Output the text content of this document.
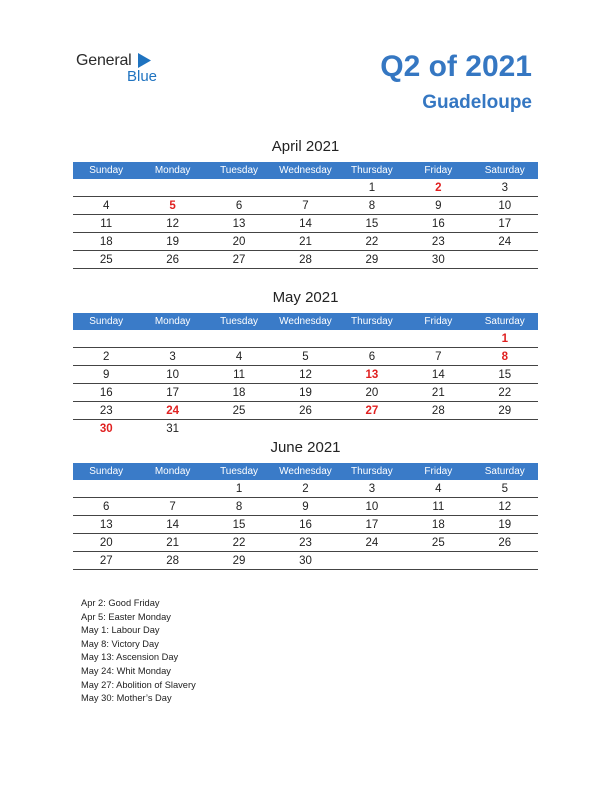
General
Blue	Q2 of 2021
Guadeloupe
April 2021
Sunday	Monday	Tuesday	Wednesday	Thursday	Friday	Saturday
				1	2	3
4	5	6	7	8	9	10
11	12	13	14	15	16	17
18	19	20	21	22	23	24
25	26	27	28	29	30	
May 2021
Sunday	Monday	Tuesday	Wednesday	Thursday	Friday	Saturday
						1
2	3	4	5	6	7	8
9	10	11	12	13	14	15
16	17	18	19	20	21	22
23	24	25	26	27	28	29
30	31					
June 2021
Sunday	Monday	Tuesday	Wednesday	Thursday	Friday	Saturday
		1	2	3	4	5
6	7	8	9	10	11	12
13	14	15	16	17	18	19
20	21	22	23	24	25	26
27	28	29	30			
Apr 2: Good Friday
Apr 5: Easter Monday
May 1: Labour Day
May 8: Victory Day
May 13: Ascension Day
May 24: Whit Monday
May 27: Abolition of Slavery
May 30: Mother’s Day
